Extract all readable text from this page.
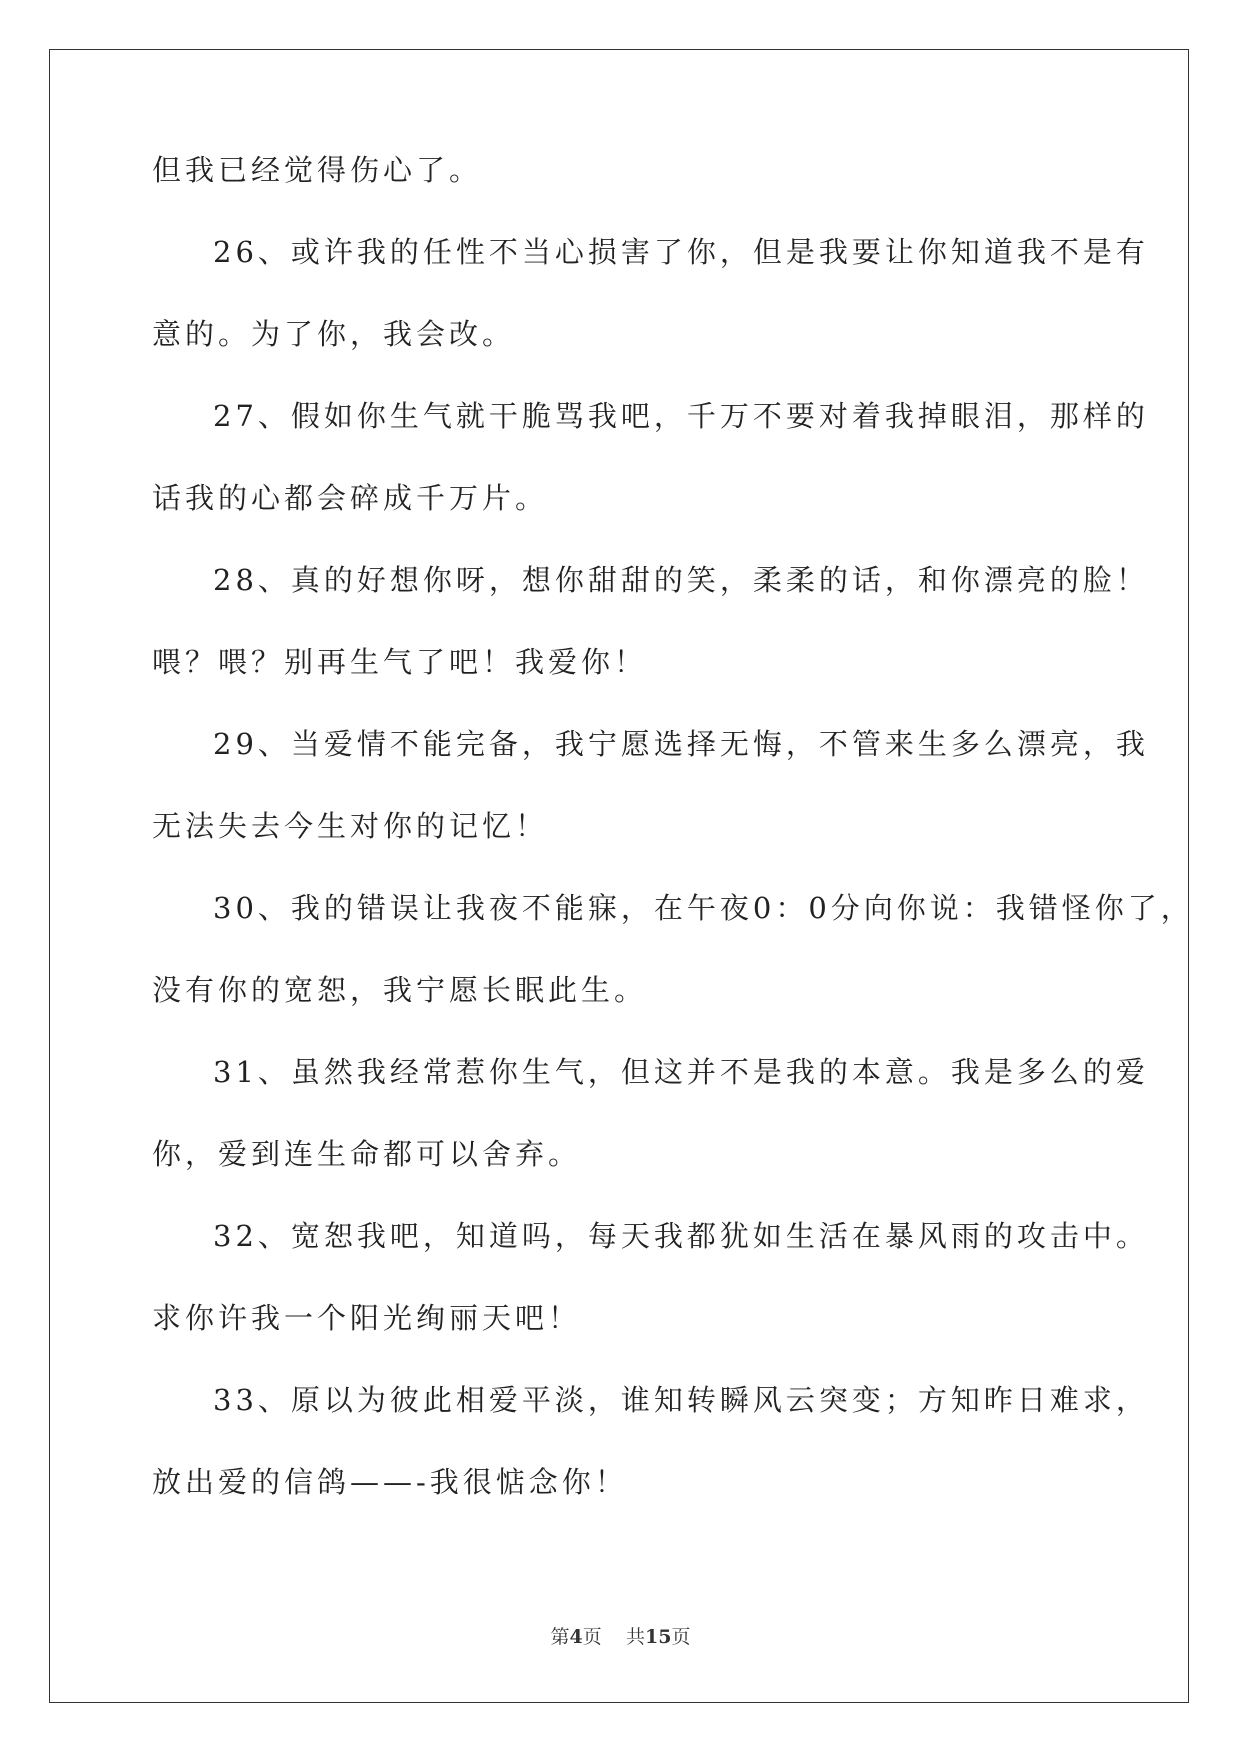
但我已经觉得伤心了。

26、或许我的任性不当心损害了你，但是我要让你知道我不是有

意的。为了你，我会改。

27、假如你生气就干脆骂我吧，千万不要对着我掉眼泪，那样的

话我的心都会碎成千万片。

28、真的好想你呀，想你甜甜的笑，柔柔的话，和你漂亮的脸！

喂？喂？别再生气了吧！我爱你！

29、当爱情不能完备，我宁愿选择无悔，不管来生多么漂亮，我

无法失去今生对你的记忆！

30、我的错误让我夜不能寐，在午夜0：0分向你说：我错怪你了，

没有你的宽恕，我宁愿长眠此生。

31、虽然我经常惹你生气，但这并不是我的本意。我是多么的爱

你，爱到连生命都可以舍弃。

32、宽恕我吧，知道吗，每天我都犹如生活在暴风雨的攻击中。

求你许我一个阳光绚丽天吧！

33、原以为彼此相爱平淡，谁知转瞬风云突变；方知昨日难求，

放出爱的信鸽——-我很惦念你！

第4页 共15页
